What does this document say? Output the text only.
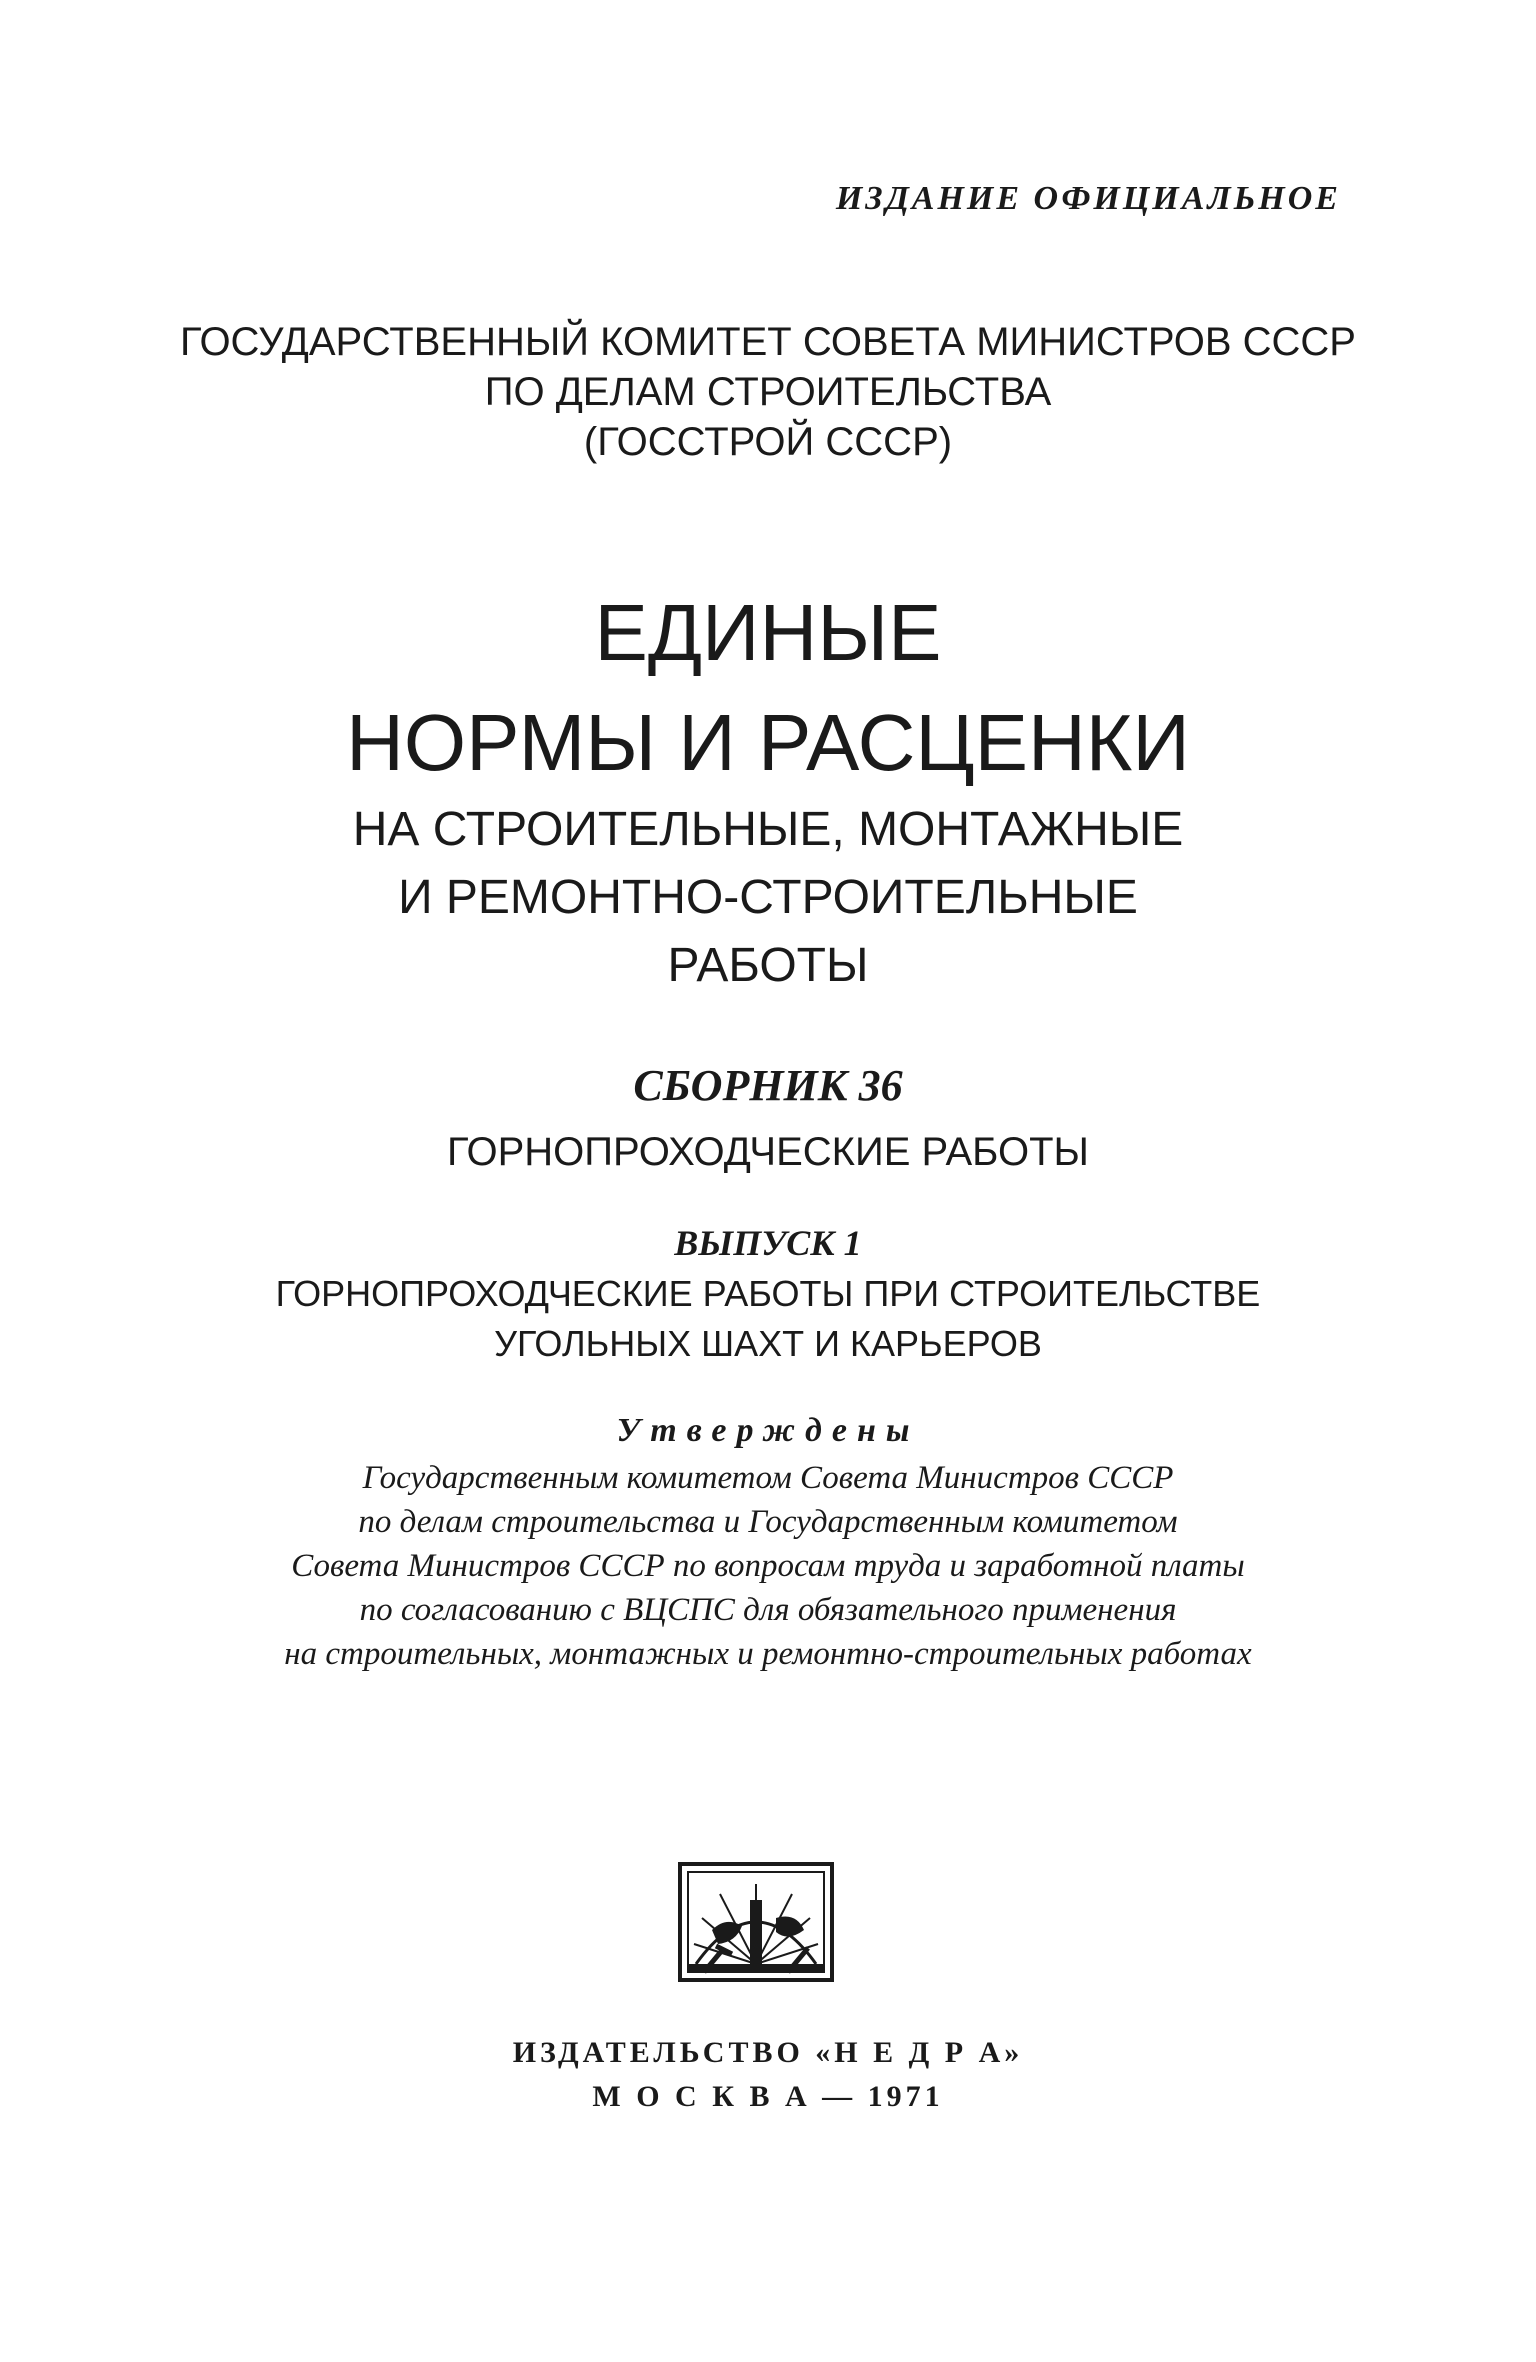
ИЗДАНИЕ ОФИЦИАЛЬНОЕ
ГОСУДАРСТВЕННЫЙ КОМИТЕТ СОВЕТА МИНИСТРОВ СССР
ПО ДЕЛАМ СТРОИТЕЛЬСТВА
(ГОССТРОЙ СССР)
ЕДИНЫЕ
НОРМЫ И РАСЦЕНКИ
НА СТРОИТЕЛЬНЫЕ, МОНТАЖНЫЕ
И РЕМОНТНО-СТРОИТЕЛЬНЫЕ
РАБОТЫ
СБОРНИК 36
ГОРНОПРОХОДЧЕСКИЕ РАБОТЫ
ВЫПУСК 1
ГОРНОПРОХОДЧЕСКИЕ РАБОТЫ ПРИ СТРОИТЕЛЬСТВЕ
УГОЛЬНЫХ ШАХТ И КАРЬЕРОВ
Утверждены
Государственным комитетом Совета Министров СССР
по делам строительства и Государственным комитетом
Совета Министров СССР по вопросам труда и заработной платы
по согласованию с ВЦСПС для обязательного применения
на строительных, монтажных и ремонтно-строительных работах
ИЗДАТЕЛЬСТВО «Н Е Д Р А»
М О С К В А — 1971
